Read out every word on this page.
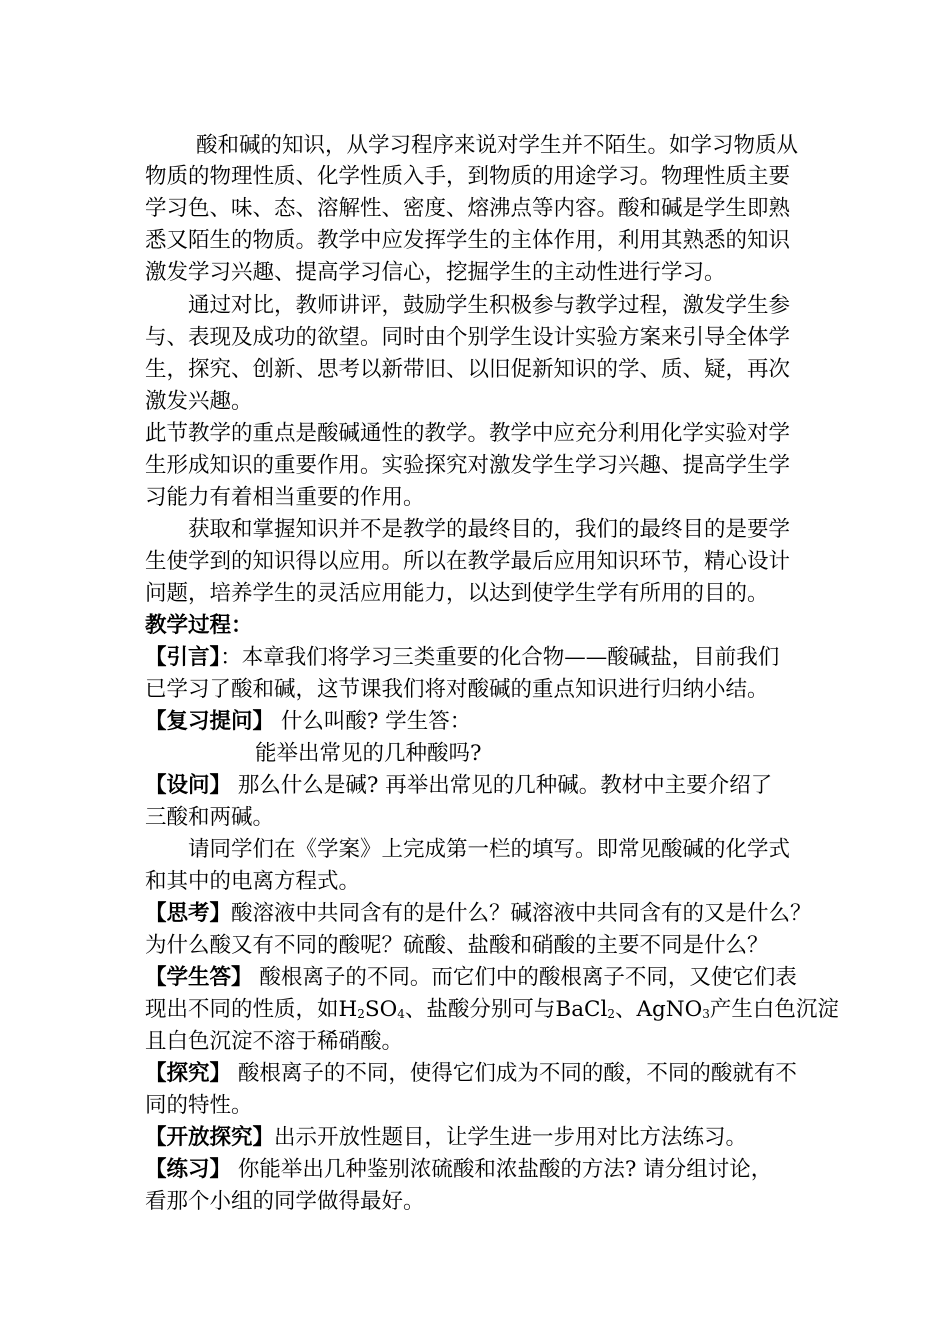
酸和碱的知识，从学习程序来说对学生并不陌生。如学习物质从
物质的物理性质、化学性质入手，到物质的用途学习。物理性质主要
学习色、味、态、溶解性、密度、熔沸点等内容。酸和碱是学生即熟
悉又陌生的物质。教学中应发挥学生的主体作用，利用其熟悉的知识
激发学习兴趣、提高学习信心，挖掘学生的主动性进行学习。
通过对比，教师讲评，鼓励学生积极参与教学过程，激发学生参
与、表现及成功的欲望。同时由个别学生设计实验方案来引导全体学
生，探究、创新、思考以新带旧、以旧促新知识的学、质、疑，再次
激发兴趣。
此节教学的重点是酸碱通性的教学。教学中应充分利用化学实验对学
生形成知识的重要作用。实验探究对激发学生学习兴趣、提高学生学
习能力有着相当重要的作用。
获取和掌握知识并不是教学的最终目的，我们的最终目的是要学
生使学到的知识得以应用。所以在教学最后应用知识环节，精心设计
问题，培养学生的灵活应用能力，以达到使学生学有所用的目的。
教学过程：
【引言】：本章我们将学习三类重要的化合物——酸碱盐，目前我们
已学习了酸和碱，这节课我们将对酸碱的重点知识进行归纳小结。
【复习提问】 什么叫酸? 学生答：
能举出常见的几种酸吗?
【设问】 那么什么是碱? 再举出常见的几种碱。教材中主要介绍了
三酸和两碱。
请同学们在《学案》上完成第一栏的填写。即常见酸碱的化学式
和其中的电离方程式。
【思考】酸溶液中共同含有的是什么？碱溶液中共同含有的又是什么？
为什么酸又有不同的酸呢？硫酸、盐酸和硝酸的主要不同是什么？
【学生答】 酸根离子的不同。而它们中的酸根离子不同，又使它们表
现出不同的性质，如$H_2SO_4$、盐酸分别可与BaCl$_2$、AgNO$_3$产生白色沉淀
且白色沉淀不溶于稀硝酸。
【探究】 酸根离子的不同，使得它们成为不同的酸，不同的酸就有不
同的特性。
【开放探究】出示开放性题目，让学生进一步用对比方法练习。
【练习】 你能举出几种鉴别浓硫酸和浓盐酸的方法? 请分组讨论，
看那个小组的同学做得最好。
